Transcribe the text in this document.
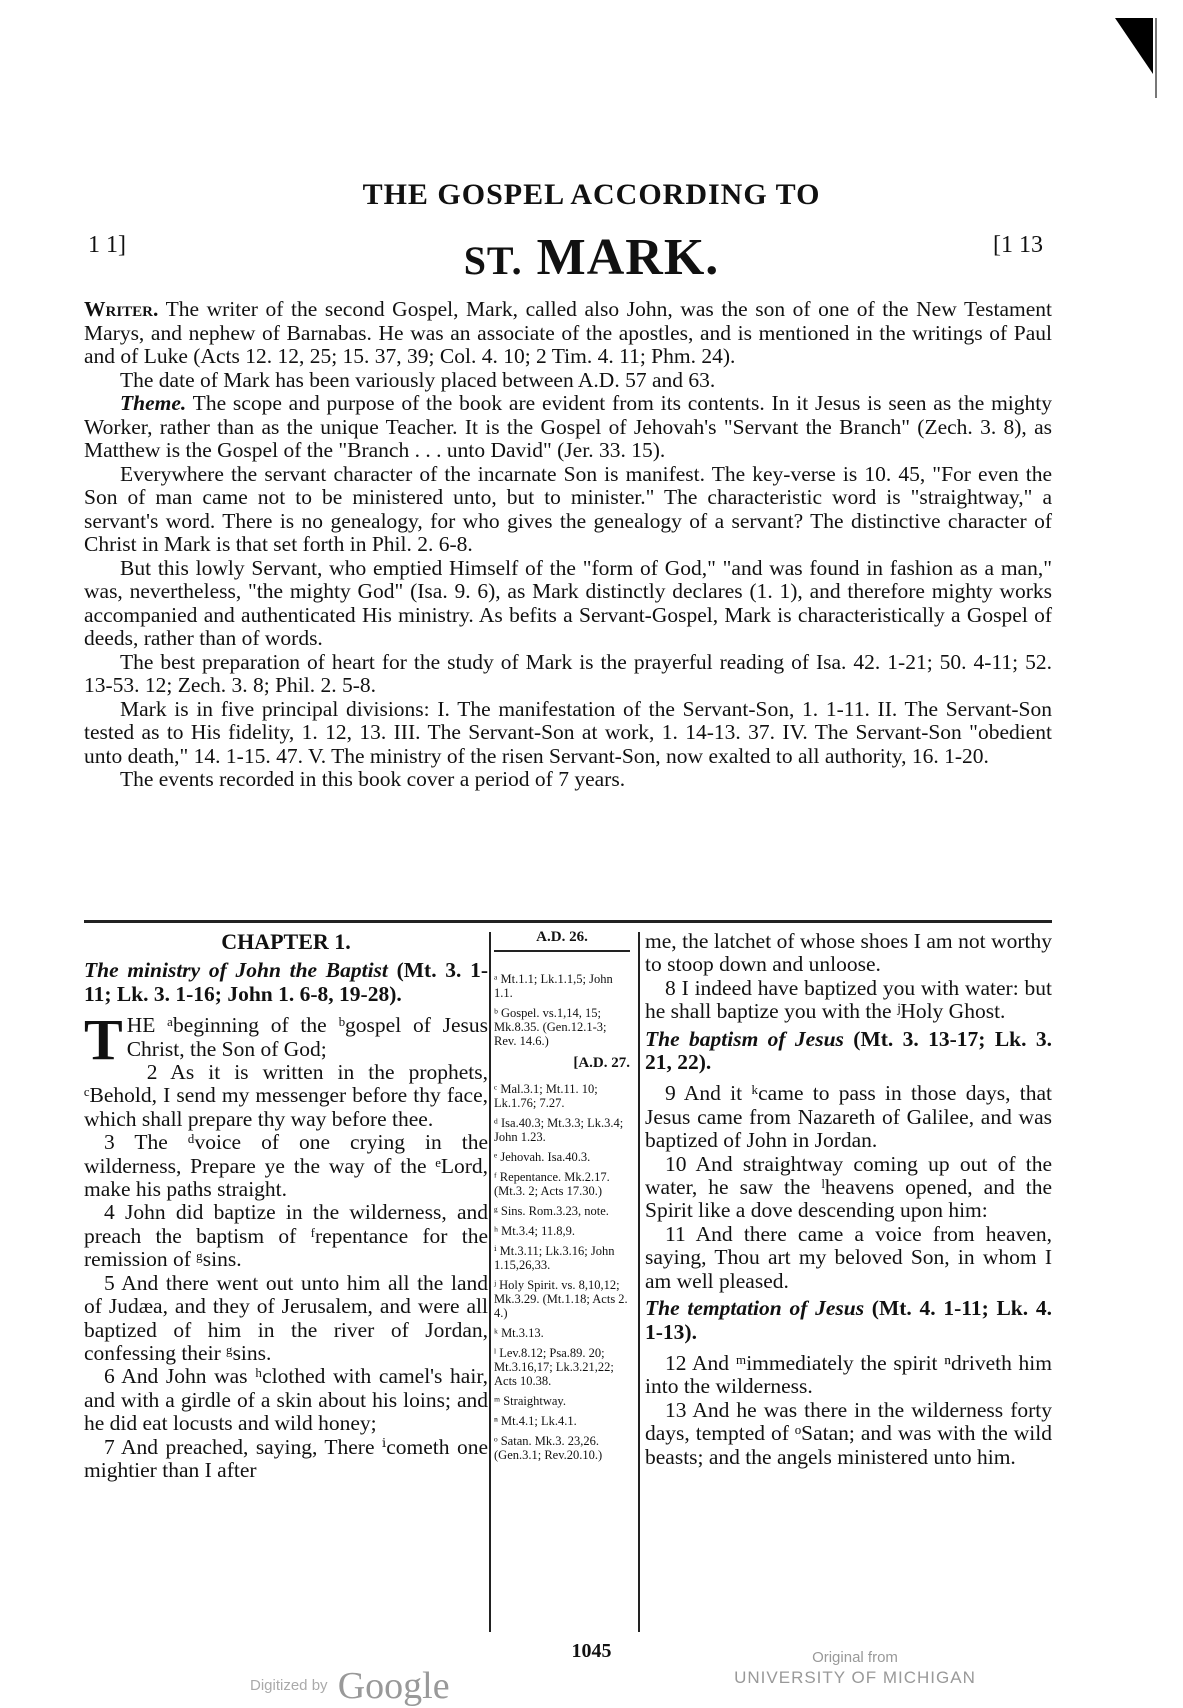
THE GOSPEL ACCORDING TO
1 1]	ST. MARK.	[1 13

Writer. The writer of the second Gospel, Mark, called also John, was the son of one of the New Testament Marys, and nephew of Barnabas. He was an associate of the apostles, and is mentioned in the writings of Paul and of Luke (Acts 12. 12, 25; 15. 37, 39; Col. 4. 10; 2 Tim. 4. 11; Phm. 24).

The date of Mark has been variously placed between A.D. 57 and 63.

Theme. The scope and purpose of the book are evident from its contents. In it Jesus is seen as the mighty Worker, rather than as the unique Teacher. It is the Gospel of Jehovah's "Servant the Branch" (Zech. 3. 8), as Matthew is the Gospel of the "Branch . . . unto David" (Jer. 33. 15).

Everywhere the servant character of the incarnate Son is manifest. The key-verse is 10. 45, "For even the Son of man came not to be ministered unto, but to minister." The characteristic word is "straightway," a servant's word. There is no genealogy, for who gives the genealogy of a servant? The distinctive character of Christ in Mark is that set forth in Phil. 2. 6-8.

But this lowly Servant, who emptied Himself of the "form of God," "and was found in fashion as a man," was, nevertheless, "the mighty God" (Isa. 9. 6), as Mark distinctly declares (1. 1), and therefore mighty works accompanied and authenticated His ministry. As befits a Servant-Gospel, Mark is characteristically a Gospel of deeds, rather than of words.

The best preparation of heart for the study of Mark is the prayerful reading of Isa. 42. 1-21; 50. 4-11; 52. 13-53. 12; Zech. 3. 8; Phil. 2. 5-8.

Mark is in five principal divisions: I. The manifestation of the Servant-Son, 1. 1-11. II. The Servant-Son tested as to His fidelity, 1. 12, 13. III. The Servant-Son at work, 1. 14-13. 37. IV. The Servant-Son "obedient unto death," 14. 1-15. 47. V. The ministry of the risen Servant-Son, now exalted to all authority, 16. 1-20.

The events recorded in this book cover a period of 7 years.

CHAPTER 1.
The ministry of John the Baptist (Mt. 3. 1-11; Lk. 3. 1-16; John 1. 6-8, 19-28).

THE ᵃbeginning of the ᵇgospel of Jesus Christ, the Son of God;

2 As it is written in the prophets, ᶜBehold, I send my messenger before thy face, which shall prepare thy way before thee.

3 The ᵈvoice of one crying in the wilderness, Prepare ye the way of the ᵉLord, make his paths straight.

4 John did baptize in the wilderness, and preach the baptism of ᶠrepentance for the remission of ᵍsins.

5 And there went out unto him all the land of Judæa, and they of Jerusalem, and were all baptized of him in the river of Jordan, confessing their ᵍsins.

6 And John was ʰclothed with camel's hair, and with a girdle of a skin about his loins; and he did eat locusts and wild honey;

7 And preached, saying, There ⁱcometh one mightier than I after

A.D. 26.
ᵃ Mt.1.1; Lk.1.1,5; John 1.1.
ᵇ Gospel. vs.1,14, 15; Mk.8.35. (Gen.12.1-3; Rev. 14.6.)
[A.D. 27.
ᶜ Mal.3.1; Mt.11. 10; Lk.1.76; 7.27.
ᵈ Isa.40.3; Mt.3.3; Lk.3.4; John 1.23.
ᵉ Jehovah. Isa.40.3.
ᶠ Repentance. Mk.2.17. (Mt.3. 2; Acts 17.30.)
ᵍ Sins. Rom.3.23, note.
ʰ Mt.3.4; 11.8,9.
ⁱ Mt.3.11; Lk.3.16; John 1.15,26,33.
ʲ Holy Spirit. vs. 8,10,12; Mk.3.29. (Mt.1.18; Acts 2. 4.)
ᵏ Mt.3.13.
ˡ Lev.8.12; Psa.89. 20; Mt.3.16,17; Lk.3.21,22; Acts 10.38.
ᵐ Straightway.
ⁿ Mt.4.1; Lk.4.1.
ᵒ Satan. Mk.3. 23,26. (Gen.3.1; Rev.20.10.)

me, the latchet of whose shoes I am not worthy to stoop down and unloose.

8 I indeed have baptized you with water: but he shall baptize you with the ʲHoly Ghost.

The baptism of Jesus (Mt. 3. 13-17; Lk. 3. 21, 22).

9 And it ᵏcame to pass in those days, that Jesus came from Nazareth of Galilee, and was baptized of John in Jordan.

10 And straightway coming up out of the water, he saw the ˡheavens opened, and the Spirit like a dove descending upon him:

11 And there came a voice from heaven, saying, Thou art my beloved Son, in whom I am well pleased.

The temptation of Jesus (Mt. 4. 1-11; Lk. 4. 1-13).

12 And ᵐimmediately the spirit ⁿdriveth him into the wilderness.

13 And he was there in the wilderness forty days, tempted of ᵒSatan; and was with the wild beasts; and the angels ministered unto him.

1045
Digitized by Google
Original from
UNIVERSITY OF MICHIGAN
